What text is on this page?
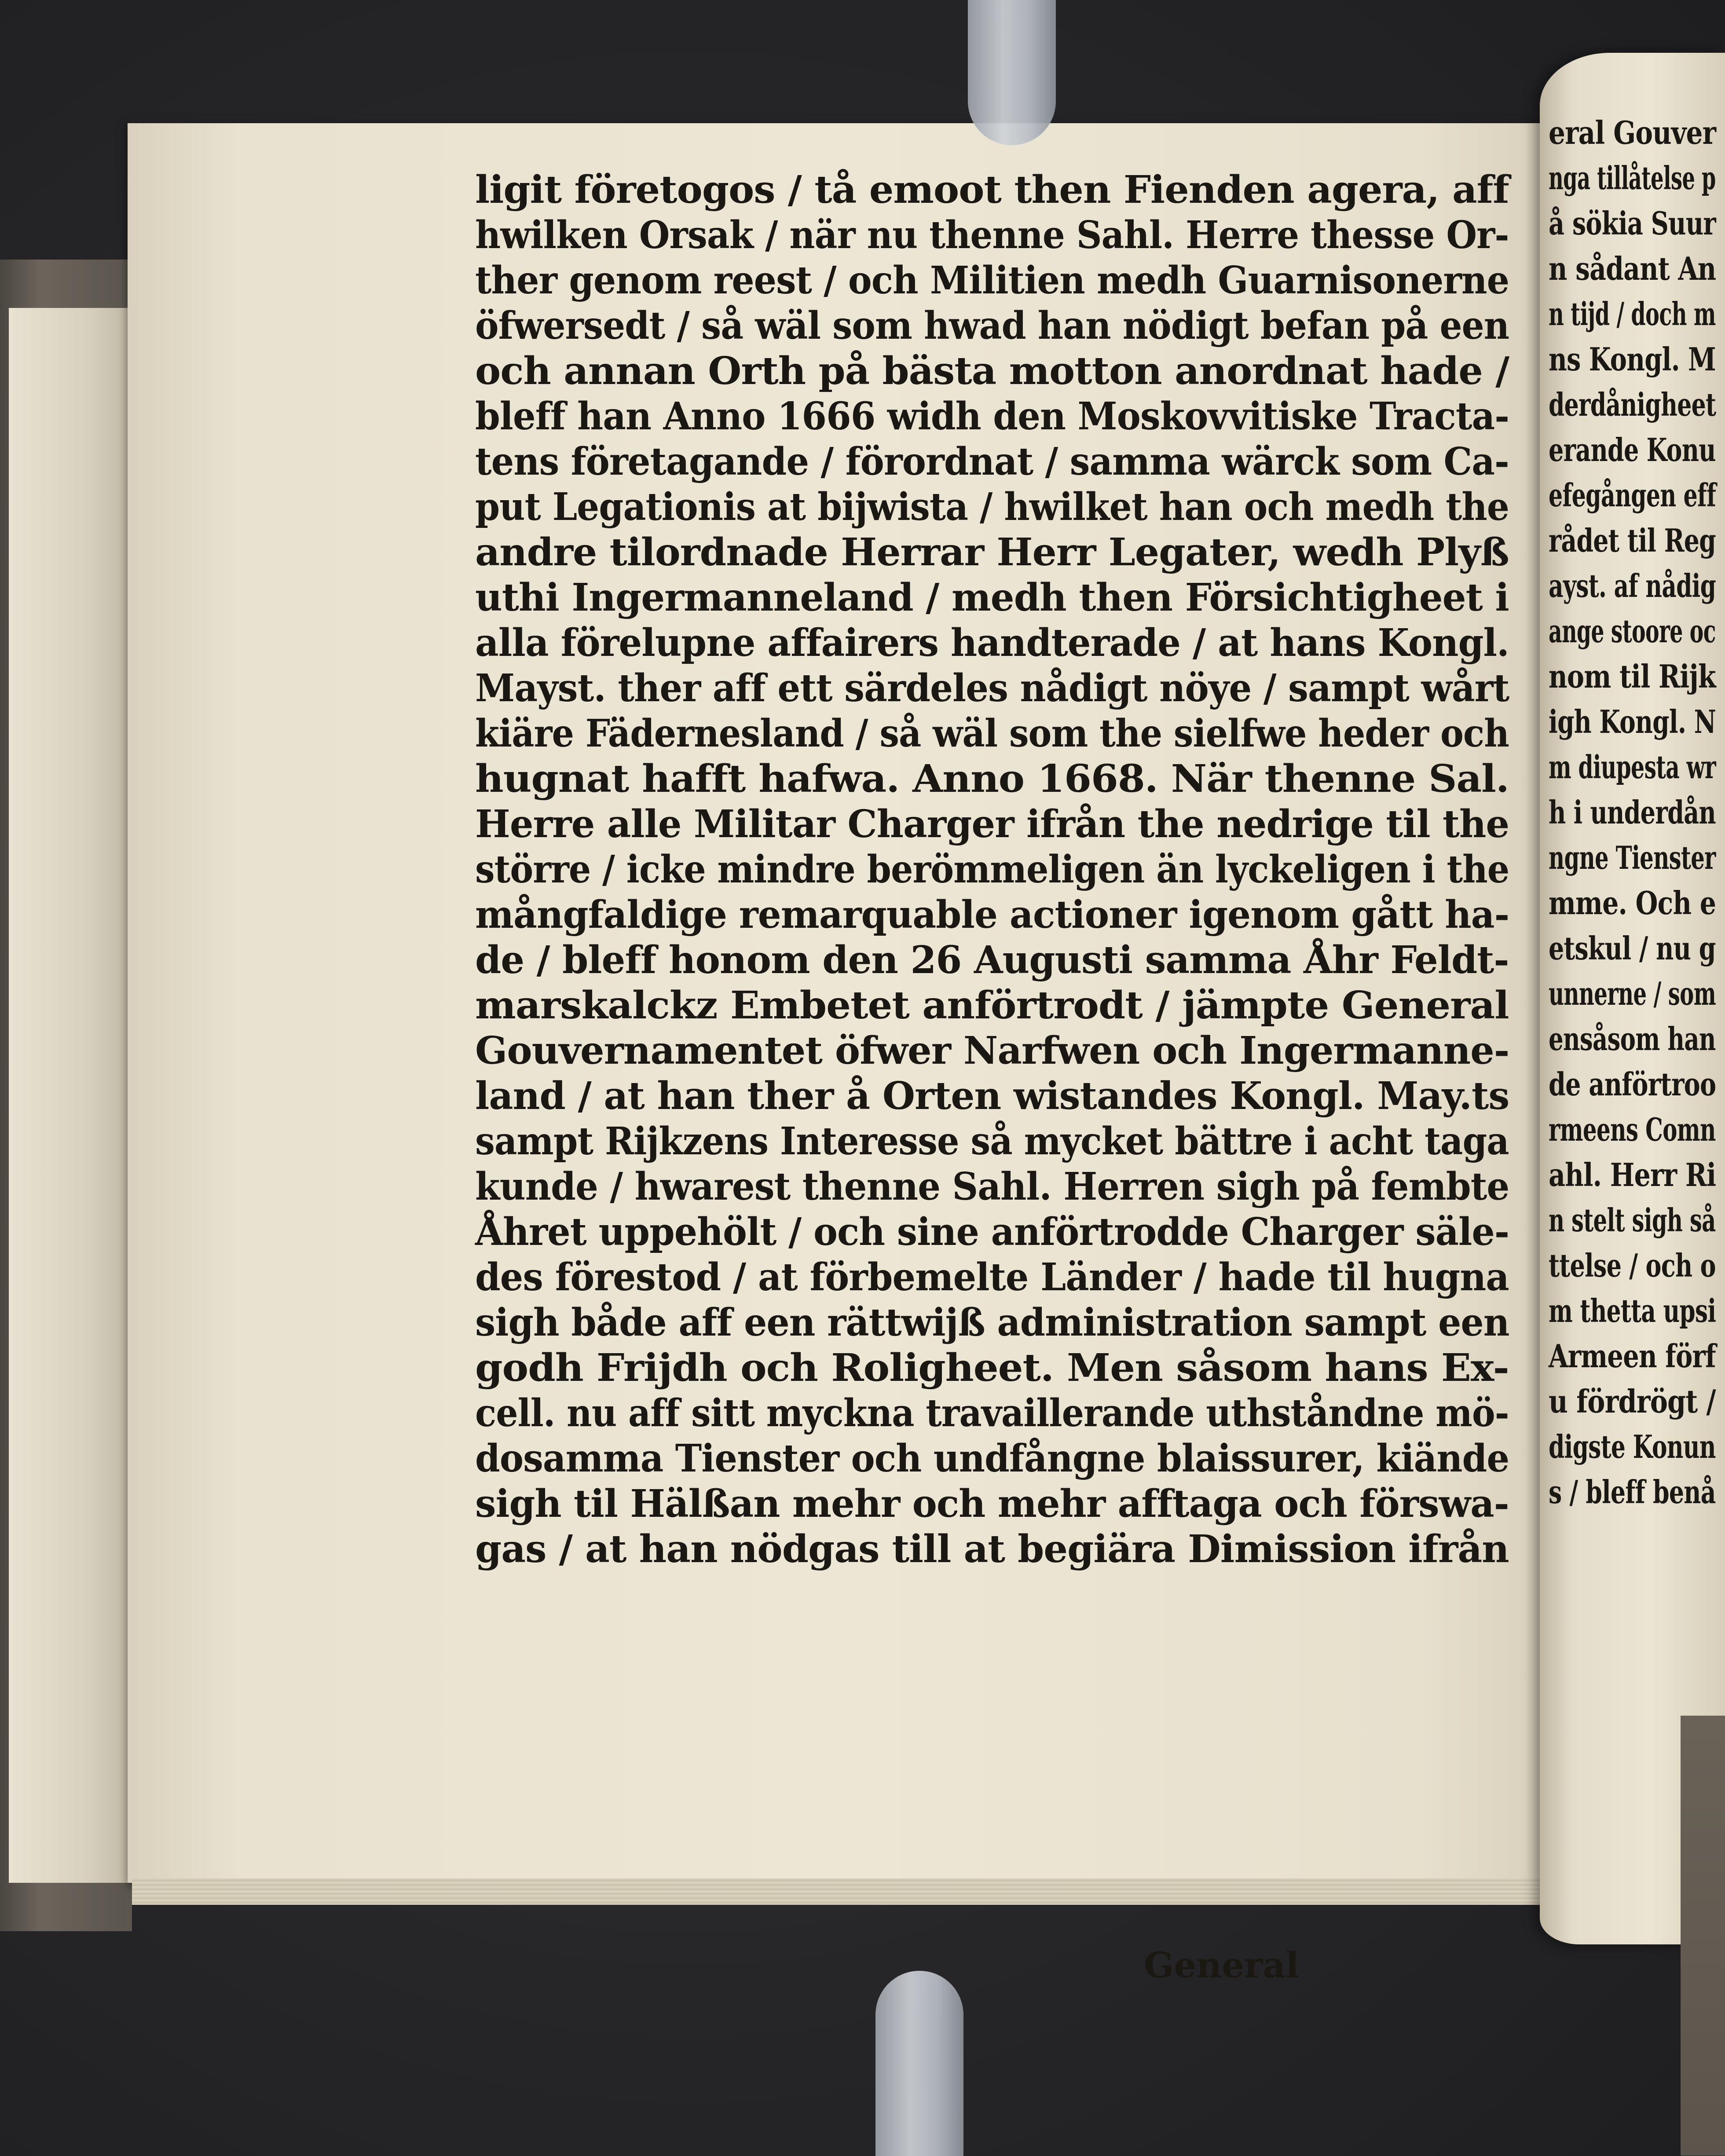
ligit företogos / tå emoot then Fienden agera, aff
hwilken Orsak / när nu thenne Sahl. Herre thesse Or-
ther genom reest / och Militien medh Guarnisonerne
öfwersedt / så wäl som hwad han nödigt befan på een
och annan Orth på bästa motton anordnat hade /
bleff han Anno 1666 widh den Moskovvitiske Tracta-
tens företagande / förordnat / samma wärck som Ca-
put Legationis at bijwista / hwilket han och medh the
andre tilordnade Herrar Herr Legater, wedh Plyß
uthi Ingermanneland / medh then Försichtigheet i
alla förelupne affairers handterade / at hans Kongl.
Mayst. ther aff ett särdeles nådigt nöye / sampt wårt
kiäre Fädernesland / så wäl som the sielfwe heder och
hugnat hafft hafwa. Anno 1668. När thenne Sal.
Herre alle Militar Charger ifrån the nedrige til the
större / icke mindre berömmeligen än lyckeligen i the
mångfaldige remarquable actioner igenom gått ha-
de / bleff honom den 26 Augusti samma Åhr Feldt-
marskalckz Embetet anförtrodt / jämpte General
Gouvernamentet öfwer Narfwen och Ingermanne-
land / at han ther å Orten wistandes Kongl. May.ts
sampt Rijkzens Interesse så mycket bättre i acht taga
kunde / hwarest thenne Sahl. Herren sigh på fembte
Åhret uppehölt / och sine anförtrodde Charger säle-
des förestod / at förbemelte Länder / hade til hugna
sigh både aff een rättwijß administration sampt een
godh Frijdh och Roligheet. Men såsom hans Ex-
cell. nu aff sitt myckna travaillerande uthståndne mö-
dosamma Tienster och undfångne blaissurer, kiände
sigh til Hälßan mehr och mehr afftaga och förswa-
gas / at han nödgas till at begiära Dimission ifrån
General
eral Gouver
nga tillåtelse p
å sökia Suur
n sådant An
n tijd / doch m
ns Kongl. M
derdånigheet
erande Konu
efegången eff
rådet til Reg
ayst. af nådig
ange stoore oc
nom til Rijk
igh Kongl. N
m diupesta wr
h i underdån
ngne Tienster
mme. Och e
etskul / nu g
unnerne / som
ensåsom han
de anförtroo
rmeens Comn
ahl. Herr Ri
n stelt sigh så
ttelse / och o
m thetta upsi
Armeen förf
u fördrögt /
digste Konun
s / bleff benå
